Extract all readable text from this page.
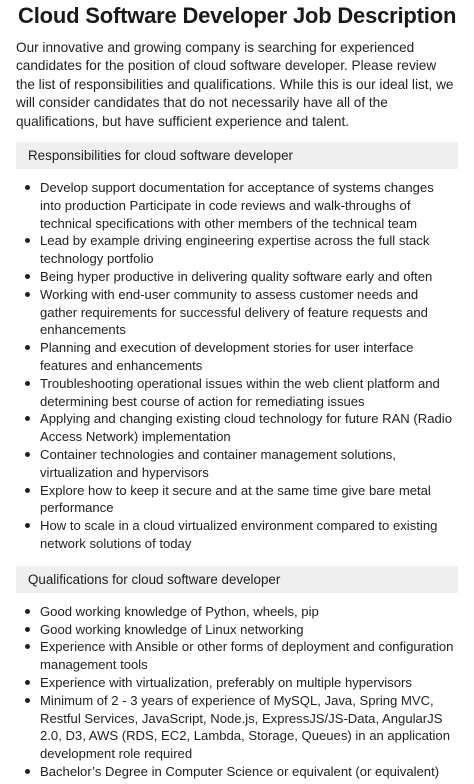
Cloud Software Developer Job Description

Our innovative and growing company is searching for experienced candidates for the position of cloud software developer. Please review the list of responsibilities and qualifications. While this is our ideal list, we will consider candidates that do not necessarily have all of the qualifications, but have sufficient experience and talent.

Responsibilities for cloud software developer
Develop support documentation for acceptance of systems changes into production Participate in code reviews and walk-throughs of technical specifications with other members of the technical team
Lead by example driving engineering expertise across the full stack technology portfolio
Being hyper productive in delivering quality software early and often
Working with end-user community to assess customer needs and gather requirements for successful delivery of feature requests and enhancements
Planning and execution of development stories for user interface features and enhancements
Troubleshooting operational issues within the web client platform and determining best course of action for remediating issues
Applying and changing existing cloud technology for future RAN (Radio Access Network) implementation
Container technologies and container management solutions, virtualization and hypervisors
Explore how to keep it secure and at the same time give bare metal performance
How to scale in a cloud virtualized environment compared to existing network solutions of today
Qualifications for cloud software developer
Good working knowledge of Python, wheels, pip
Good working knowledge of Linux networking
Experience with Ansible or other forms of deployment and configuration management tools
Experience with virtualization, preferably on multiple hypervisors
Minimum of 2 - 3 years of experience of MySQL, Java, Spring MVC, Restful Services, JavaScript, Node.js, ExpressJS/JS-Data, AngularJS 2.0, D3, AWS (RDS, EC2, Lambda, Storage, Queues) in an application development role required
Bachelor’s Degree in Computer Science or equivalent (or equivalent)
